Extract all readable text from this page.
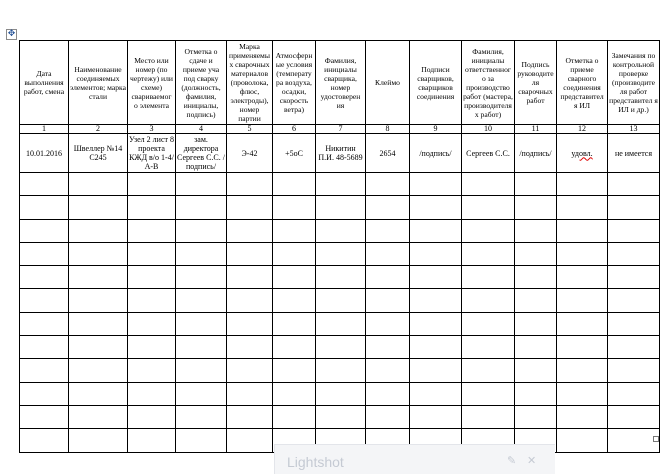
✥
Дата выполнения работ, смена	Наименование соединяемых элементов; марка стали	Место или номер (по чертежу) или схеме) свариваемог о элемента	Отметка о сдаче и приеме уча под сварку (должность, фамилия, инициалы, подпись)	Марка применяемы х сварочных материалов (проволока, флюс, электроды), номер партии	Атмосферн ые условия (температу ра воздуха, осадки, скорость ветра)	Фамилия, инициалы сварщика, номер удостоверен ия	Клеймо	Подписи сварщиков, сварщиков соединения	Фамилия, инициалы ответственног о за производство работ (мастера, производителя х работ)	Подпись руководите ля сварочных работ	Отметка о приеме сварного соединения представител я ИЛ	Замечания по контрольной проверке (производите ля работ представител я ИЛ и др.)
1	2	3	4	5	6	7	8	9	10	11	12	13
10.01.2016	Швеллер №14 С245	Узел 2 лист 8 проекта КЖД в/о 1-4/А-В	зам. директора Сергеев С.С. /подпись/	Э-42	+5оС	Никитин П.И. 48-5689	2654	/подпись/	Сергеев С.С.	/подпись/	удовл.	не имеется

Lightshot	✎ ✕
